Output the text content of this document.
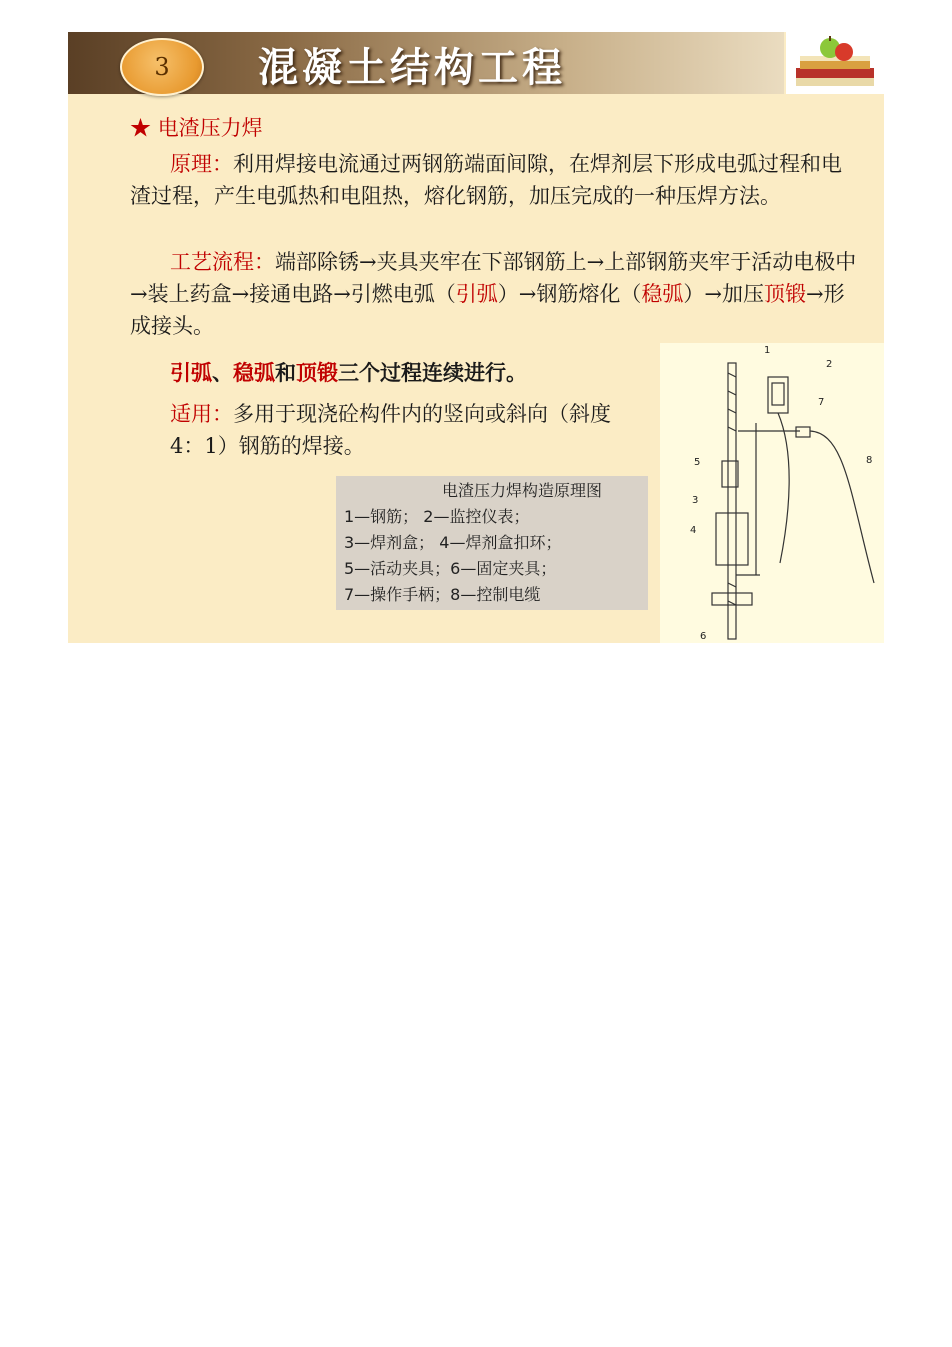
3	混凝土结构工程
★ 电渣压力焊
原理：利用焊接电流通过两钢筋端面间隙，在焊剂层下形成电弧过程和电渣过程，产生电弧热和电阻热，熔化钢筋，加压完成的一种压焊方法。
工艺流程：端部除锈→夹具夹牢在下部钢筋上→上部钢筋夹牢于活动电极中→装上药盒→接通电路→引燃电弧（引弧）→钢筋熔化（稳弧）→加压顶锻→形成接头。
引弧、稳弧和顶锻三个过程连续进行。
适用：多用于现浇砼构件内的竖向或斜向（斜度4：1）钢筋的焊接。
电渣压力焊构造原理图
1—钢筋； 2—监控仪表；
3—焊剂盒； 4—焊剂盒扣环；
5—活动夹具；6—固定夹具；
7—操作手柄；8—控制电缆
1
2
7
8
5
3
4
6
